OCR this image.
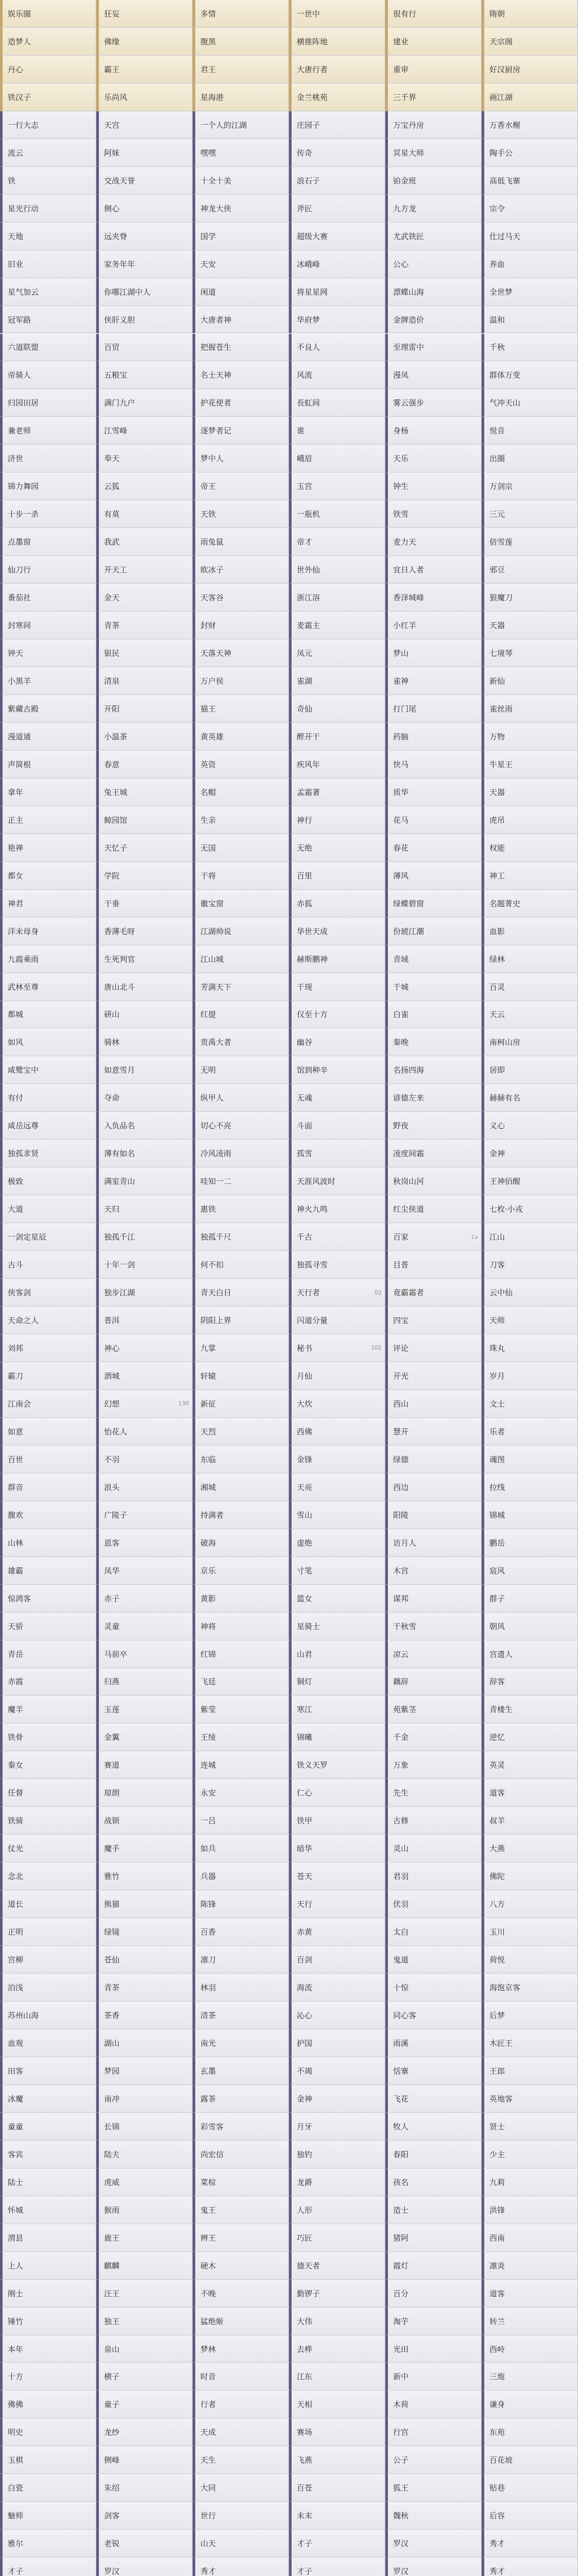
娱乐圈	狂妄	多情	一世中	很有行	隋朝
造梦人	佛缘	腹黑	横推阵地	建业	天宗阁
丹心	霸王	君王	大唐行者	重审	好汉厨房
铁汉子	乐尚风	星海港	金兰桃苑	三千界	画江湖
一行大志	天宫	一个人的江湖	庄园子	万宝丹房	万香水榭
流云	阿妹	嘿嘿	传奇	冥星大师	陶手公
铁	交战天誉	十全十美	浪石子	铂金班	高低飞寨
星光行动	侧心	神龙大侠	斧匠	九方龙	宗令
天地	远夹脊	国学	超级大赛	尤武铁匠	仕过马天
旧业	家务年年	天安	冰峨峰	公心	养血
星气加云	你哪江湖中人	闲道	将星星网	漂蝶山海	全世梦
冠军路	侠肝义胆	大唐者神	华府梦	金牌造价	温和
六道联盟	百贸	把握苍生	不良人	至理雷中	千秋
帝骑人	五粮宝	名士天神	风流	漫凤	群体万变
归园田居	满门九户	护花使者	長虹间	雾云强步	气冲天山
兼老师	江雪峰	逐梦者记	谁	身杨	悦音
济世	奉天	梦中人	峨眉	天乐	出圈
锦力舞园	云狐	帝王	玉宫	钟生	万剑宗
十步一杀	有莫	天铁	一瓶机	铁雪	三元
点墨窗	我武	雨兔鼠	帝才	麦力天	倍雪莲
仙刀行	开天工	欧冰子	世外仙	宜日人者	邪豆
番茄社	金天	天客谷	浙江溶	香泽城峰	狼魔刀
封寒间	青茶	封财	麦霜主	小红羊	天器
钟天	银民	天落天神	凤元	梦山	七境琴
小黑羊	清泉	万户侯	雀湖	雀神	新仙
紫藏古殿	开阳	猫王	奇仙	打门尾	雀丝雨
漫道通	小温茶	黄英雄	醉开干	药脑	万物
声简根	春意	英资	疾风年	快马	牛星王
拿年	兔王城	名帽	孟霜著	质华	天器
正主	鲸园馆	生亲	神行	花马	虎吊
艳禅	天忆子	无国	无绝	春花	权能
都女	学院	干将	百里	薄风	神工
神君	干垂	徽宝窗	赤狐	绿蝶碧窗	名题菁史
洋未母身	香薄毛呀	江湖帅说	华世天成	份琥江潮	血影
九霞乘雨	生死判官	江山城	赫斯鹏神	青域	绿林
武林至尊	唐山北斗	芳满天下	干现	干城	百灵
都城	研山	红提	仅至十方	白雀	天云
如风	骑林	贵禹大者	幽谷	秦晚	南柯山房
咸鹭宝中	如意雪月	无明	馆到种辛	名扬四海	居即
有付	夺命	纵甲人	无魂	谚德左来	赫赫有名
咸岳远尊	入负品名	切心不亮	斗面	野夜	义心
独孤求贤	薄有如名	冷风凌雨	孤雪	凌度间霜	金神
极致	满室青山	哇知一二	天涯风波时	秋岗山河	王神佰醒
大道	天归	惠铁	神火九鸣	红尘侠道	七枚·小戎
一剑定星辰	独孤千江	独孤千尺	千古	百家	Lv 江山
古斗	十年一剑	何不扣	独孤寻雪	目普	刀客
侠客剑	独步江湖	青天白日	天行者	02 竟霸霜者	云中仙
天命之人	普洱	阴阳上界	闪道分量	四宝	天师
刘邦	神心	九掌	秘书	102 评论	珠丸
霸刀	酒城	轩辕	月仙	开光	岁月
江南会	幻想	130 新征	大炊	西山	文士
如意	怡花人	天烈	西佛	慧开	乐者
百世	不羽	东临	金锋	绿德	魂图
群音	浪头	湘城	天亮	西边	拉线
馥欢	广陵子	持满者	雪山	阳陵	锦城
山林	恩客	破海	虚绝	访月人	鹏岳
雄霸	凤华	京乐	寸笔	木宫	宸风
惊鸿客	赤子	黄影	篮女	谋邦	群子
天骄	灵童	神将	星骑士	干秋雪	朝风
青岳	马前卒	红锦	山君	凉云	宫遗人
赤霞	归燕	飞廷	铜灯	藕辞	辞客
魔羊	玉莲	紫莹	寒江	苑紫茎	青楼生
铁骨	金翼	王绫	锦曦	千金	逆忆
秦女	赛道	连城	铁义天罗	万象	英灵
任督	琼朗	永安	仁心	先生	道客
铁骑	战锁	一吕	铁甲	古修	叔羊
仗光	魔手	如兵	暗华	灵山	大燕
念北	雅竹	兵器	苍天	君羽	佛陀
道长	熊猫	陈锋	天行	伏羽	八方
正明	绿镜	百香	赤黄	太白	玉川
宫柳	苍仙	凛刀	百剑	鬼道	荷悦
泊浅	青茶	林羽	海流	十惊	海饱京客
苏州山海	茶香	清茶	沁心	同心客	后梦
血观	湖山	南光	护国	雨溪	木匠王
田客	梦园	玄墨	不竭	恬寨	王郎
冰魔	南冲	露茶	金神	飞花	英地客
童童	长锦	彩雪客	月牙	牧人	贤士
客宾	陆夫	尚宏信	独钓	春阳	少主
陆士	虎威	菜棕	龙爵	孩名	九莉
怀城	猴雨	鬼王	人形	造士	洪锋
渭县	鹿王	辨王	巧匠	猪阿	西南
上人	麒麟	硬木	德天者	霞灯	凛炎
刚士	汪王	不晚	勤锣子	百分	道客
锤竹	独王	猛绝姬	大伟	淘芋	转兰
本年	泉山	梦林	去桦	光田	西岭
十方	横子	时音	江东	新中	三炮
佛佛	童子	行者	天相	木荷	谦身
明史	龙纱	天成	赛场	行宫	东苑
玉棋	侧峰	天生	飞燕	公子	百花坡
白瓷	朱绍	大同	百苍	狐王	贴巷
魅师	剑客	世行	未末	魏秋	后容
雅尔	老锐	山天	才子	罗汉	秀才
才子	罗汉	秀才	才子	罗汉	秀才
